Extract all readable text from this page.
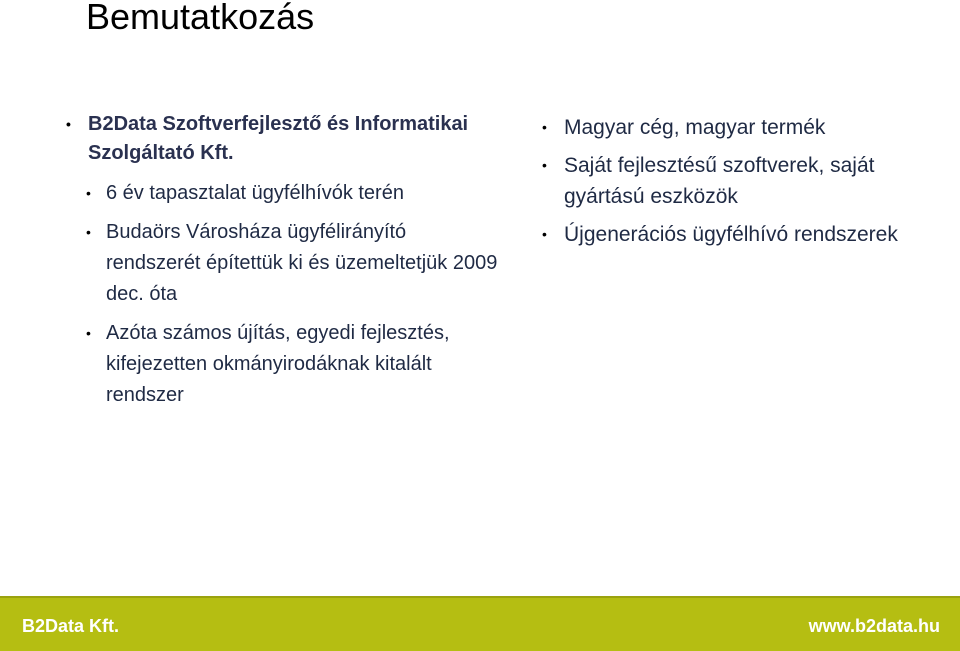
Bemutatkozás
• B2Data Szoftverfejlesztő és Informatikai Szolgáltató Kft.
• 6 év tapasztalat ügyfélhívók terén
• Budaörs Városháza ügyfélirányító rendszerét építettük ki és üzemeltetjük 2009 dec. óta
• Azóta számos újítás, egyedi fejlesztés, kifejezetten okmányirodáknak kitalált rendszer
• Magyar cég, magyar termék
• Saját fejlesztésű szoftverek, saját gyártású eszközök
• Újgenerációs ügyfélhívó rendszerek
B2Data Kft.	www.b2data.hu
